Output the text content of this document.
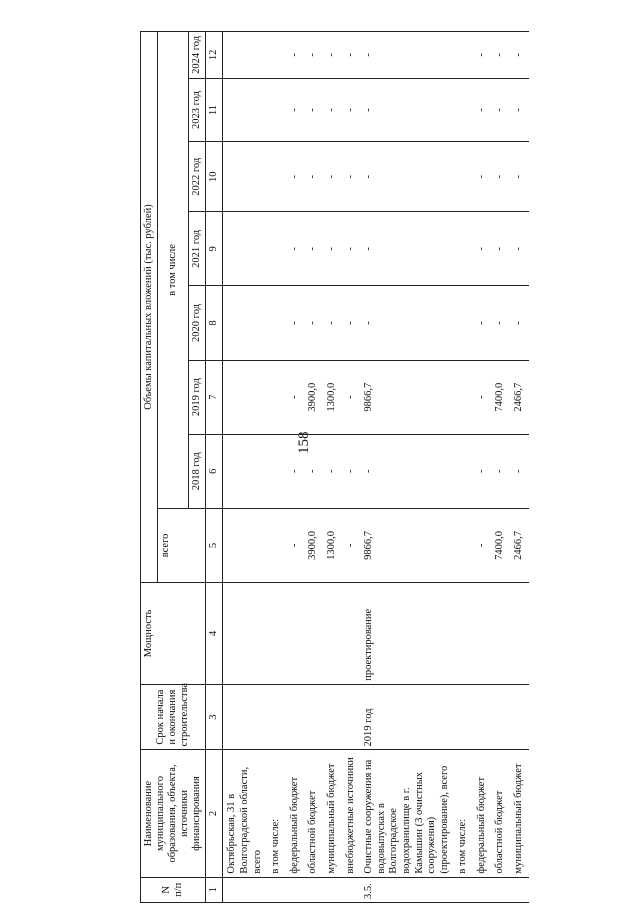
158
N п/п	Наименование муниципального образования, объекта, источники финансирования	Срок начала и окончания строительства	Мощность	Объемы капитальных вложений (тыс. рублей)							
				всего	в том числе						
					2018 год	2019 год	2020 год	2021 год	2022 год	2023 год	2024 год
1	2	3	4	5	6	7	8	9	10	11	12
	Октябрьская, 31 в Волгоградской области, всего										
	в том числе:										
	федеральный бюджет			-	-	-	-	-	-	-	-
	областной бюджет			3900,0	-	3900,0	-	-	-	-	-
	муниципальный бюджет			1300,0	-	1300,0	-	-	-	-	-
	внебюджетные источники			-	-	-	-	-	-	-	-
3.5.	Очистные сооружения на водовыпусках в Волгоградское водохранилище в г. Камышин (3 очистных сооружения) (проектирование), всего	2019 год	проектирование	9866,7	-	9866,7	-	-	-	-	-
	в том числе:										
	федеральный бюджет			-	-	-	-	-	-	-	-
	областной бюджет			7400,0	-	7400,0	-	-	-	-	-
	муниципальный бюджет			2466,7	-	2466,7	-	-	-	-	-
